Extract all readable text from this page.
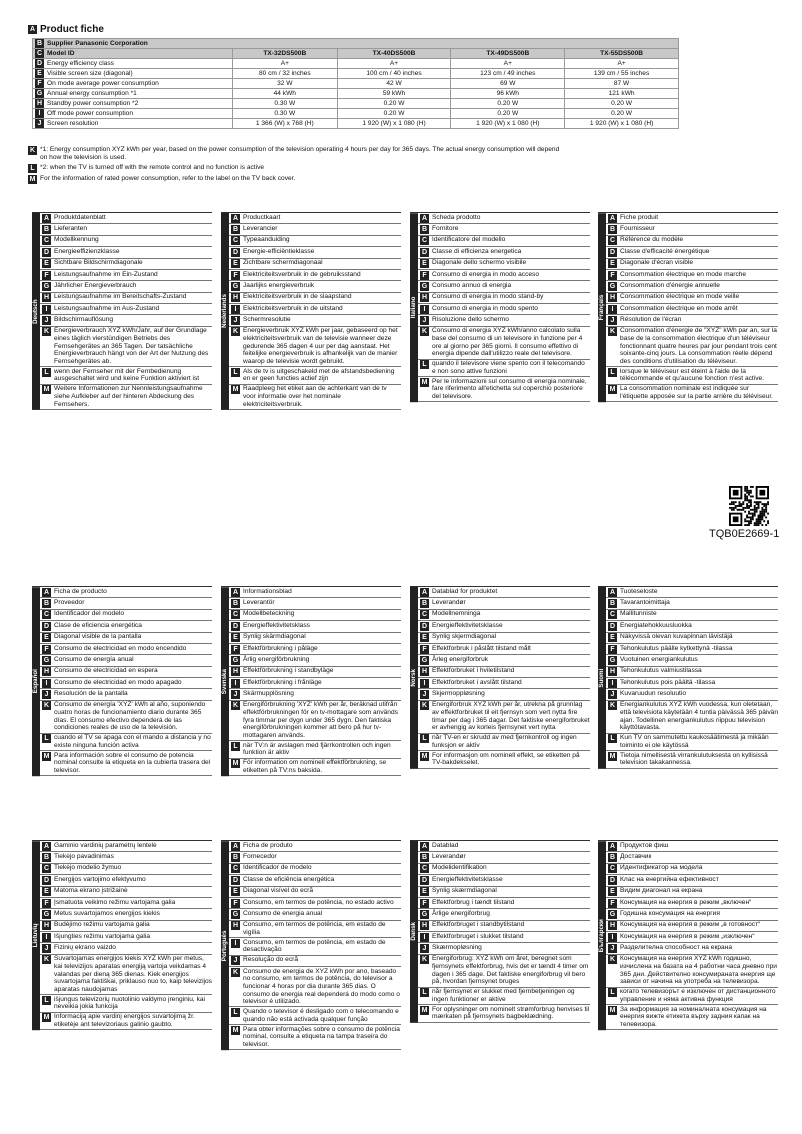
A Product fiche
B Supplier Panasonic Corporation				

C Model ID	TX-32DS500B	TX-40DS500B	TX-49DS500B	TX-55DS500B

D Energy efficiency class	A+	A+	A+	A+

E Visible screen size (diagonal)	80 cm / 32 inches	100 cm / 40 inches	123 cm / 49 inches	139 cm / 55 inches

F On mode average power consumption	32 W	42 W	69 W	87 W

G Annual energy consumption *1	44 kWh	59 kWh	96 kWh	121 kWh

H Standby power consumption *2	0.30 W	0.20 W	0.20 W	0.20 W

I Off mode power consumption	0.30 W	0.20 W	0.20 W	0.20 W

J Screen resolution	1 366 (W) x 768 (H)	1 920 (W) x 1 080 (H)	1 920 (W) x 1 080 (H)	1 920 (W) x 1 080 (H)
K *1: Energy consumption XYZ kWh per year, based on the power consumption of the television operating 4 hours per day for 365 days. The actual energy consumption will depend on how the television is used.
L *2: when the TV is turned off with the remote control and no function is active
M For the information of rated power consumption, refer to the label on the TV back cover.
Deutsch
A Produktdatenblatt
B Lieferanten
C Modellkennung
D Energieeffizienzklasse
E Sichtbare Bildschirmdiagonale
F Leistungsaufnahme im Ein-Zustand
G Jährlicher Energieverbrauch
H Leistungsaufnahme im Bereitschafts-Zustand
I Leistungsaufnahme im Aus-Zustand
J Bildschirmauflösung
K Energieverbrauch XYZ kWh/Jahr, auf der Grundlage eines täglich vierstündigen Betriebs des Fernsehgerätes an 365 Tagen. Der tatsächliche Energieverbrauch hängt von der Art der Nutzung des Fernsehgerätes ab.
L wenn der Fernseher mit der Fernbedienung ausgeschaltet wird und keine Funktion aktiviert ist
M Weitere Informationen zur Nennleistungsaufnahme siehe Aufkleber auf der hinteren Abdeckung des Fernsehers.
Nederlands
A Productkaart
B Leverancier
C Typeaanduiding
D Energie-efficiëntieklasse
E Zichtbare schermdiagonaal
F Elektriciteitsverbruik in de gebruiksstand
G Jaarlijks energieverbruik
H Elektriciteitsverbruik in de slaapstand
I Elektriciteitsverbruik in de uitstand
J Schermresolutie
K Energieverbruik XYZ kWh per jaar, gebaseerd op het elektriciteitsverbruik van de televisie wanneer deze gedurende 365 dagen 4 uur per dag aanstaat. Het feitelijke energieverbruik is afhankelijk van de manier waarop de televisie wordt gebruikt.
L Als de tv is uitgeschakeld met de afstandsbediening en er geen functies actief zijn
M Raadpleeg het etiket aan de achterkant van de tv voor informatie over het nominale elektriciteitsverbruik.
Italiano
A Scheda prodotto
B Fornitore
C Identificatore del modello
D Classe di efficienza energetica
E Diagonale dello schermo visibile
F Consumo di energia in modo acceso
G Consumo annuo di energia
H Consumo di energia in modo stand-by
I Consumo di energia in modo spento
J Risoluzione dello schermo
K Consumo di energia XYZ kWh/anno calcolato sulla base del consumo di un televisore in funzione per 4 ore al giorno per 365 giorni. Il consumo effettivo di energia dipende dall'utilizzo reale del televisore.
L quando il televisore viene spento con il telecomando e non sono attive funzioni
M Per le informazioni sul consumo di energia nominale, fare riferimento all'etichetta sul coperchio posteriore del televisore.
Français
A Fiche produit
B Fournisseur
C Référence du modèle
D Classe d'efficacité énergétique
E Diagonale d'écran visible
F Consommation électrique en mode marche
G Consommation d'énergie annuelle
H Consommation électrique en mode veille
I Consommation électrique en mode arrêt
J Résolution de l'écran
K Consommation d'énergie de "XYZ" kWh par an, sur la base de la consommation électrique d'un téléviseur fonctionnant quatre heures par jour pendant trois cent soixante-cinq jours. La consommation réelle dépend des conditions d'utilisation du téléviseur.
L lorsque le téléviseur est éteint à l'aide de la télécommande et qu'aucune fonction n'est active.
M La consommation nominale est indiquée sur l'étiquette apposée sur la partie arrière du téléviseur.
Español
A Ficha de producto
B Proveedor
C Identificador del modelo
D Clase de eficiencia energética
E Diagonal visible de la pantalla
F Consumo de electricidad en modo encendido
G Consumo de energía anual
H Consumo de electricidad en espera
I Consumo de electricidad en modo apagado
J Resolución de la pantalla
K Consumo de energía 'XYZ' kWh al año, suponiendo cuatro horas de funcionamiento diario durante 365 días. El consumo efectivo dependerá de las condiciones reales de uso de la televisión.
L cuando el TV se apaga con el mando a distancia y no existe ninguna función activa
M Para información sobre el consumo de potencia nominal consulte la etiqueta en la cubierta trasera del televisor.
Svenska
A Informationsblad
B Leverantör
C Modellbeteckning
D Energieffektivitetsklass
E Synlig skärmdiagonal
F Effektförbrukning i påläge
G Årlig energiförbrukning
H Effektförbrukning i standbyläge
I Effektförbrukning i frånläge
J Skärmupplösning
K Energiförbrukning 'XYZ' kWh per år, beräknad utifrån effektförbrukningen för en tv-mottagare som används fyra timmar per dygn under 365 dygn. Den faktiska energiförbrukningen kommer att bero på hur tv-mottagaren används.
L när TV:n är avslagen med fjärrkontrollen och ingen funktion är aktiv
M För information om nominell effektförbrukning, se etiketten på TV:ns baksida.
Norsk
A Datablad for produktet
B Leverandør
C Modellnemninga
D Energieffektivitetsklasse
E Synlig skjermdiagonal
F Effektforbruk i påslått tilstand målt
G Årleg energiforbruk
H Effektforbruket i hviletilstand
I Effektforbruket i avslått tilstand
J Skjermoppløsning
K Energiforbruk XYZ kWh per år, utrekna på grunnlag av effektforbruket til eit fjernsyn som vert nytta fire timar per dag i 365 dagar. Det faktiske energiforbruket er avhengig av korleis fjernsynet vert nytta
L når TV-en er skrudd av med fjernkontroll og ingen funksjon er aktiv
M For informasjon om nominell effekt, se etiketten på TV-bakdekselet.
Suomi
A Tuoteseloste
B Tavarantoimittaja
C Mallitunniste
D Energiatehokkuusluokka
E Näkyvissä olevan kuvapinnan lävistäjä
F Tehonkulutus päälle kytkettynä -tilassa
G Vuotuinen energiankulutus
H Tehonkulutus valmiustilassa
I Tehonkulutus pois päältä -tilassa
J Kuvaruudun resoluutio
K Energiankulutus XYZ kWh vuodessa, kun oletetaan, että televisiota käytetään 4 tuntia päivässä 365 päivän ajan. Todellinen energiankulutus riippuu television käyttötavasta.
L Kun TV on sammutettu kaukosäätimestä ja mikään toiminto ei ole käytössä
M Tietoja nimellisestä virrankulutuksesta on kyllisissä television takakannessa.
Lietuvių
A Gaminio vardinių parametrų lentelė
B Tiekėjo pavadinimas
C Tiekėjo modelio žymuo
D Energijos vartojimo efektyvumo
E Matoma ekrano įstrižainė
F Įsmatuota veikimo režimu vartojama galia
G Metus suvartojamos energijos kiekis
H Budėjimo režimu vartojama galia
I Išjungties režimu vartojama galia
J Fizinių ekrano vaizdo
K Suvartojamas energijos kiekis XYZ kWh per metus, kai televizijos aparatas energiją vartoja veikdamas 4 valandas per dieną 365 dienas. Kiek energijos suvartojama faktiškai, priklauso nuo to, kaip televizijos aparatas naudojamas
L išjungus televizorių nuotolinio valdymo įrenginiu, kai neveikia jokia funkcija
M Informaciją apie vardinį energijos suvartojimą žr. etiketėje ant televizoriaus galinio gaubto.
Português
A Ficha de produto
B Fornecedor
C Identificador de modelo
D Classe de eficiência energética
E Diagonal visível do ecrã
F Consumo, em termos de potência, no estado activo
G Consumo de energia anual
H Consumo, em termos de potência, em estado de vigília
I Consumo, em termos de potência, em estado de desactivação
J Resolução do ecrã
K Consumo de energia de XYZ kWh por ano, baseado no consumo, em termos de potência, do televisor a funcionar 4 horas por dia durante 365 dias. O consumo de energia real dependerá do modo como o televisor é utilizado.
L Quando o televisor é desligado com o telecomando e quando não está activada qualquer função
M Para obter informações sobre o consumo de potência nominal, consulte a etiqueta na tampa traseira do televisor.
Dansk
A Datablad
B Leverandør
C Modelidentifikation
D Energieffektivitetsklasse
E Synlig skærmdiagonal
F Effektforbrug i tændt tilstand
G Årlige energiforbrug
H Effektforbruget i standbytilstand
I Effektforbruget i slukket tilstand
J Skærmopløsning
K Energiforbrug: XYZ kWh om året, beregnet som fjernsynets effektforbrug, hvis det er tændt 4 timer om dagen i 365 dage. Det faktiske energiforbrug vil bero på, hvordan fjernsynet bruges
L når fjernsynet er slukket med fjernbetjeningen og ingen funktioner er aktive
M For oplysninger om nominelt strømforbrug henvises til mærkaten på fjernsynets bagbeklædning.
Български
A Продуктов фиш
B Доставчик
C Идентификатор на модела
D Клас на енергийна ефективност
E Видим диагонал на екрана
F Консумация на енергия в режим „включен“
G Годишна консумация на енергия
H Консумация на енергия в режим „в готовност“
I Консумация на енергия в режим „изключен“
J Разделителна способност на екрана
K Консумация на енергия XYZ kWh годишно, изчислена на базата на 4 работни часа дневно при 365 дни. Действително консумираната енергия ще зависи от начина на употреба на телевизора.
L когато телевизорът е изключен от дистанционното управление и няма активна функция
M За информация за номиналната консумация на енергия вижте етикета върху задния капак на телевизора.
TQB0E2669-1
